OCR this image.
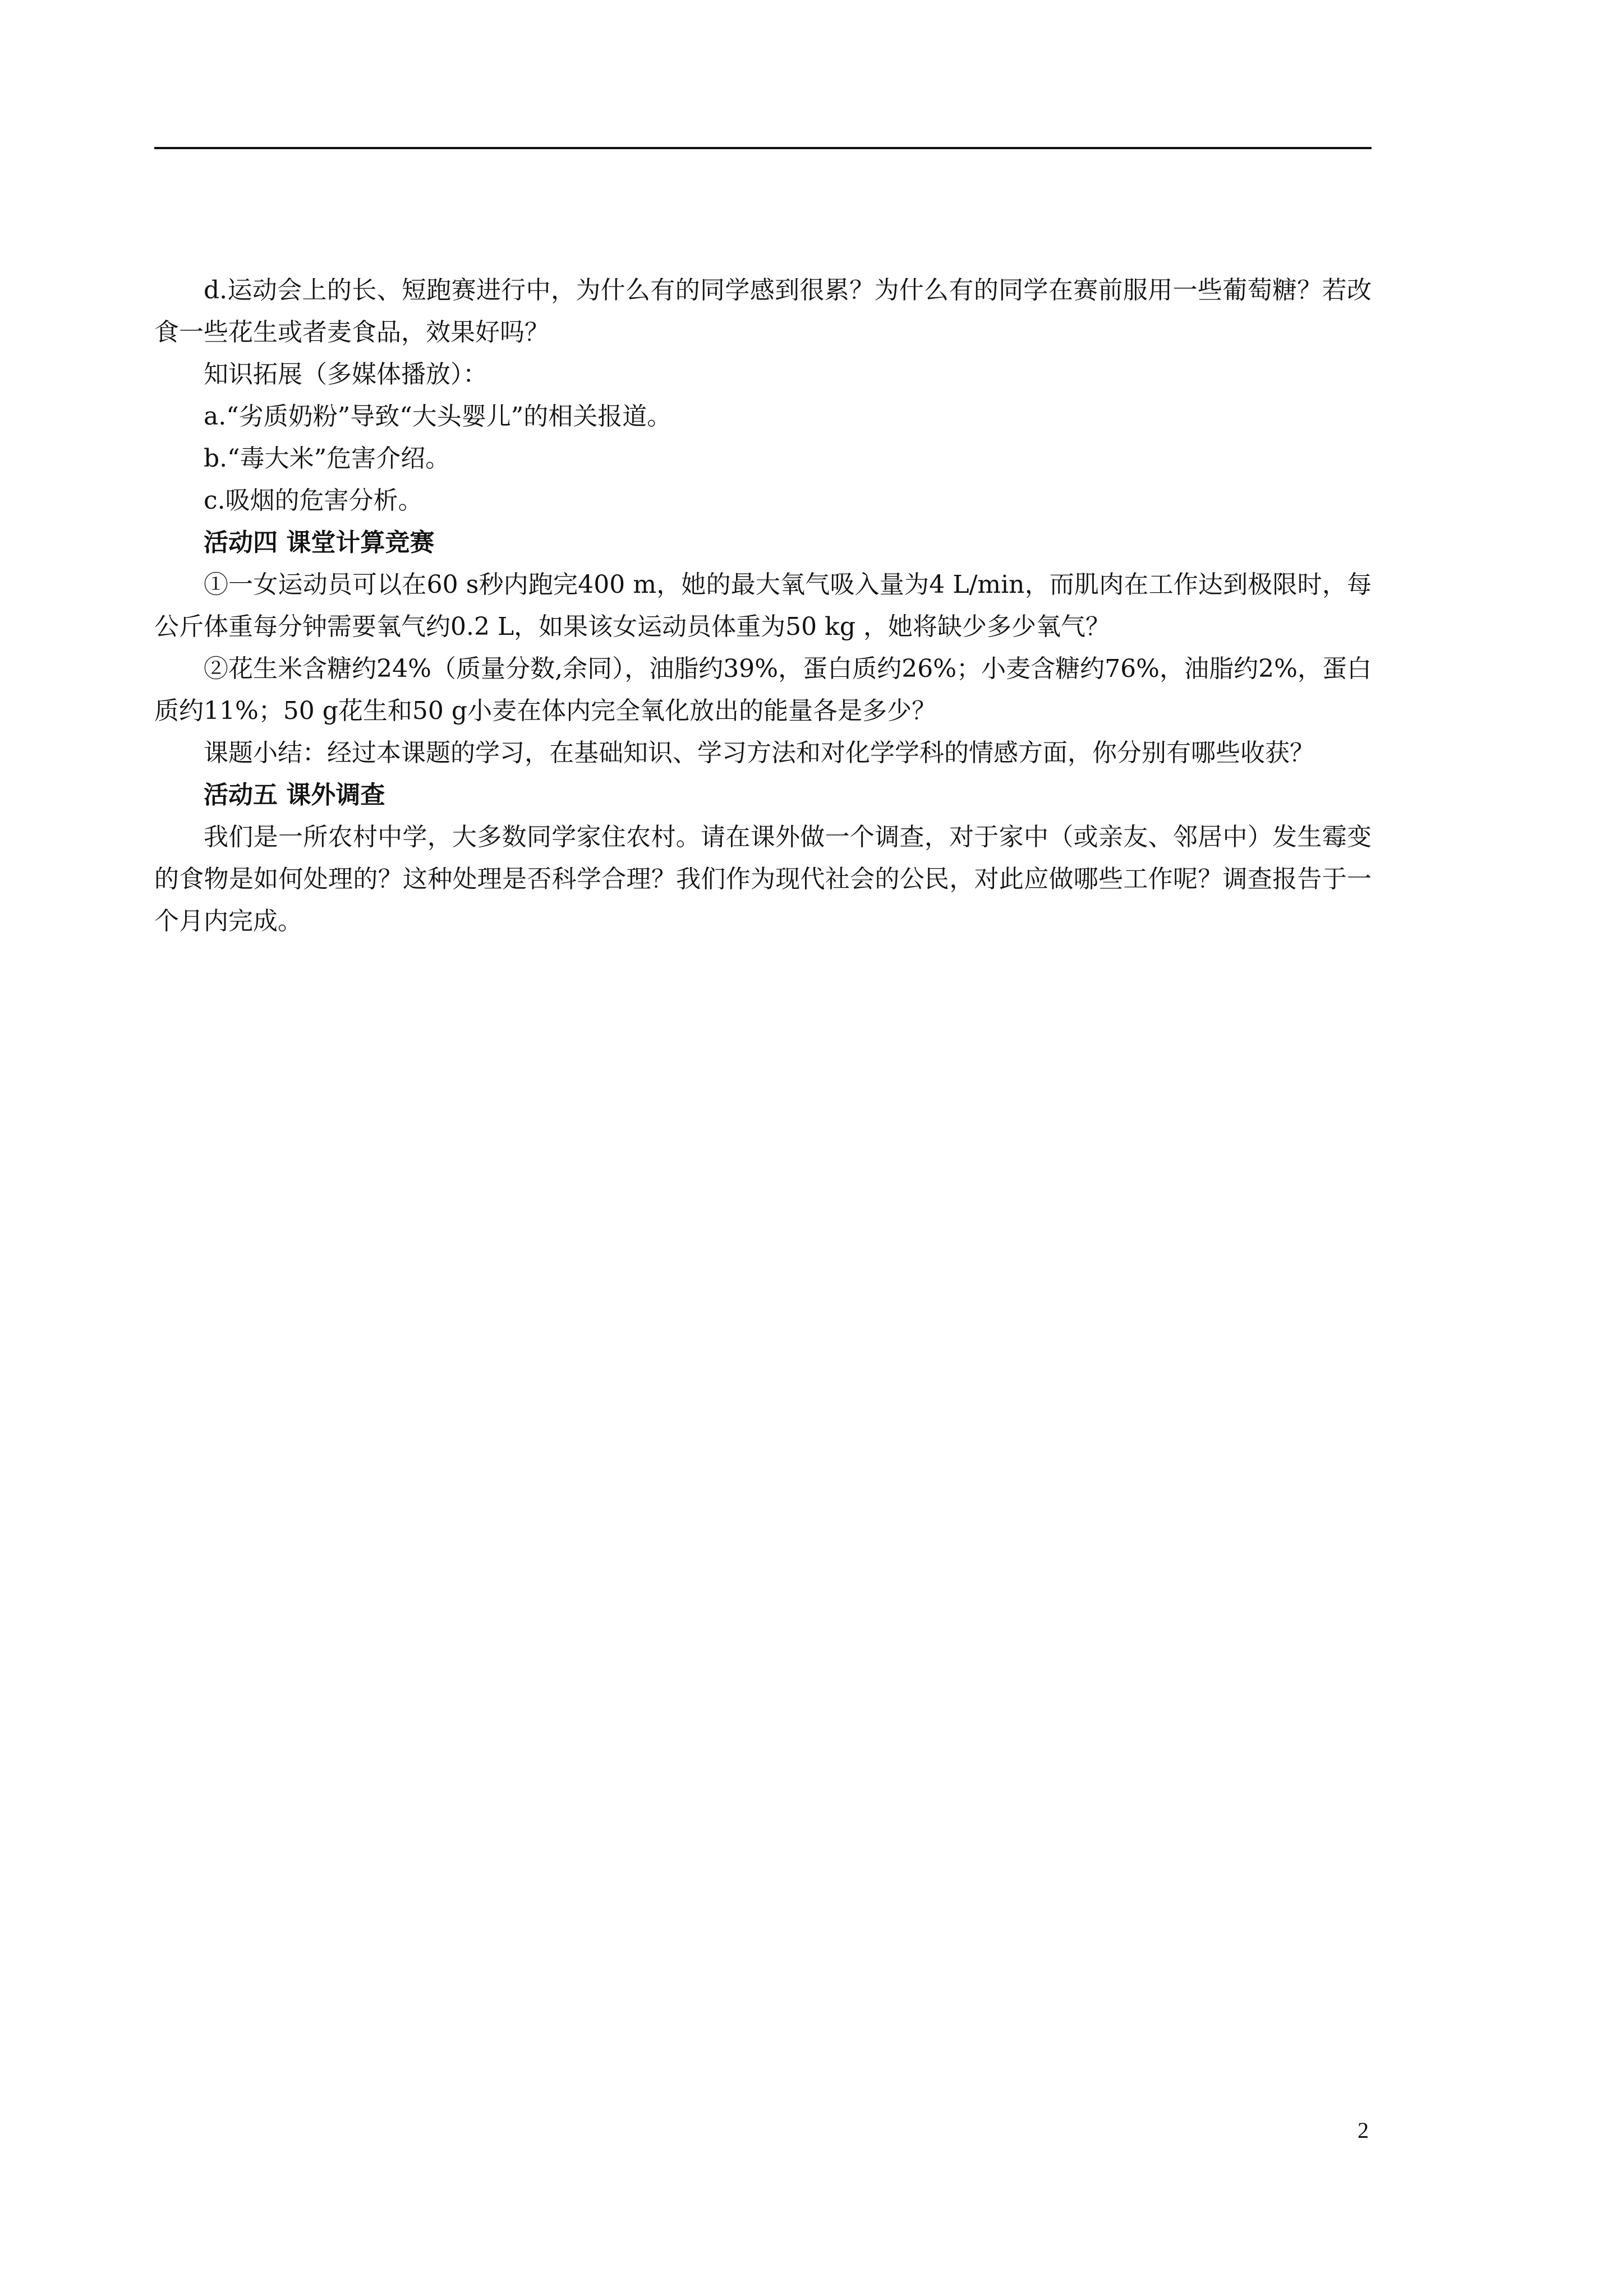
d.运动会上的长、短跑赛进行中，为什么有的同学感到很累？为什么有的同学在赛前服用一些葡萄糖？若改食一些花生或者麦食品，效果好吗？

知识拓展（多媒体播放）：

a.“劣质奶粉”导致“大头婴儿”的相关报道。

b.“毒大米”危害介绍。

c.吸烟的危害分析。

活动四 课堂计算竞赛

①一女运动员可以在60 s秒内跑完400 m，她的最大氧气吸入量为4 L/min，而肌肉在工作达到极限时，每公斤体重每分钟需要氧气约0.2 L，如果该女运动员体重为50 kg ，她将缺少多少氧气？

②花生米含糖约24%（质量分数,余同），油脂约39%，蛋白质约26%；小麦含糖约76%，油脂约2%，蛋白质约11%；50 g花生和50 g小麦在体内完全氧化放出的能量各是多少？

课题小结：经过本课题的学习，在基础知识、学习方法和对化学学科的情感方面，你分别有哪些收获？

活动五 课外调查

我们是一所农村中学，大多数同学家住农村。请在课外做一个调查，对于家中（或亲友、邻居中）发生霉变的食物是如何处理的？这种处理是否科学合理？我们作为现代社会的公民，对此应做哪些工作呢？调查报告于一个月内完成。

2
